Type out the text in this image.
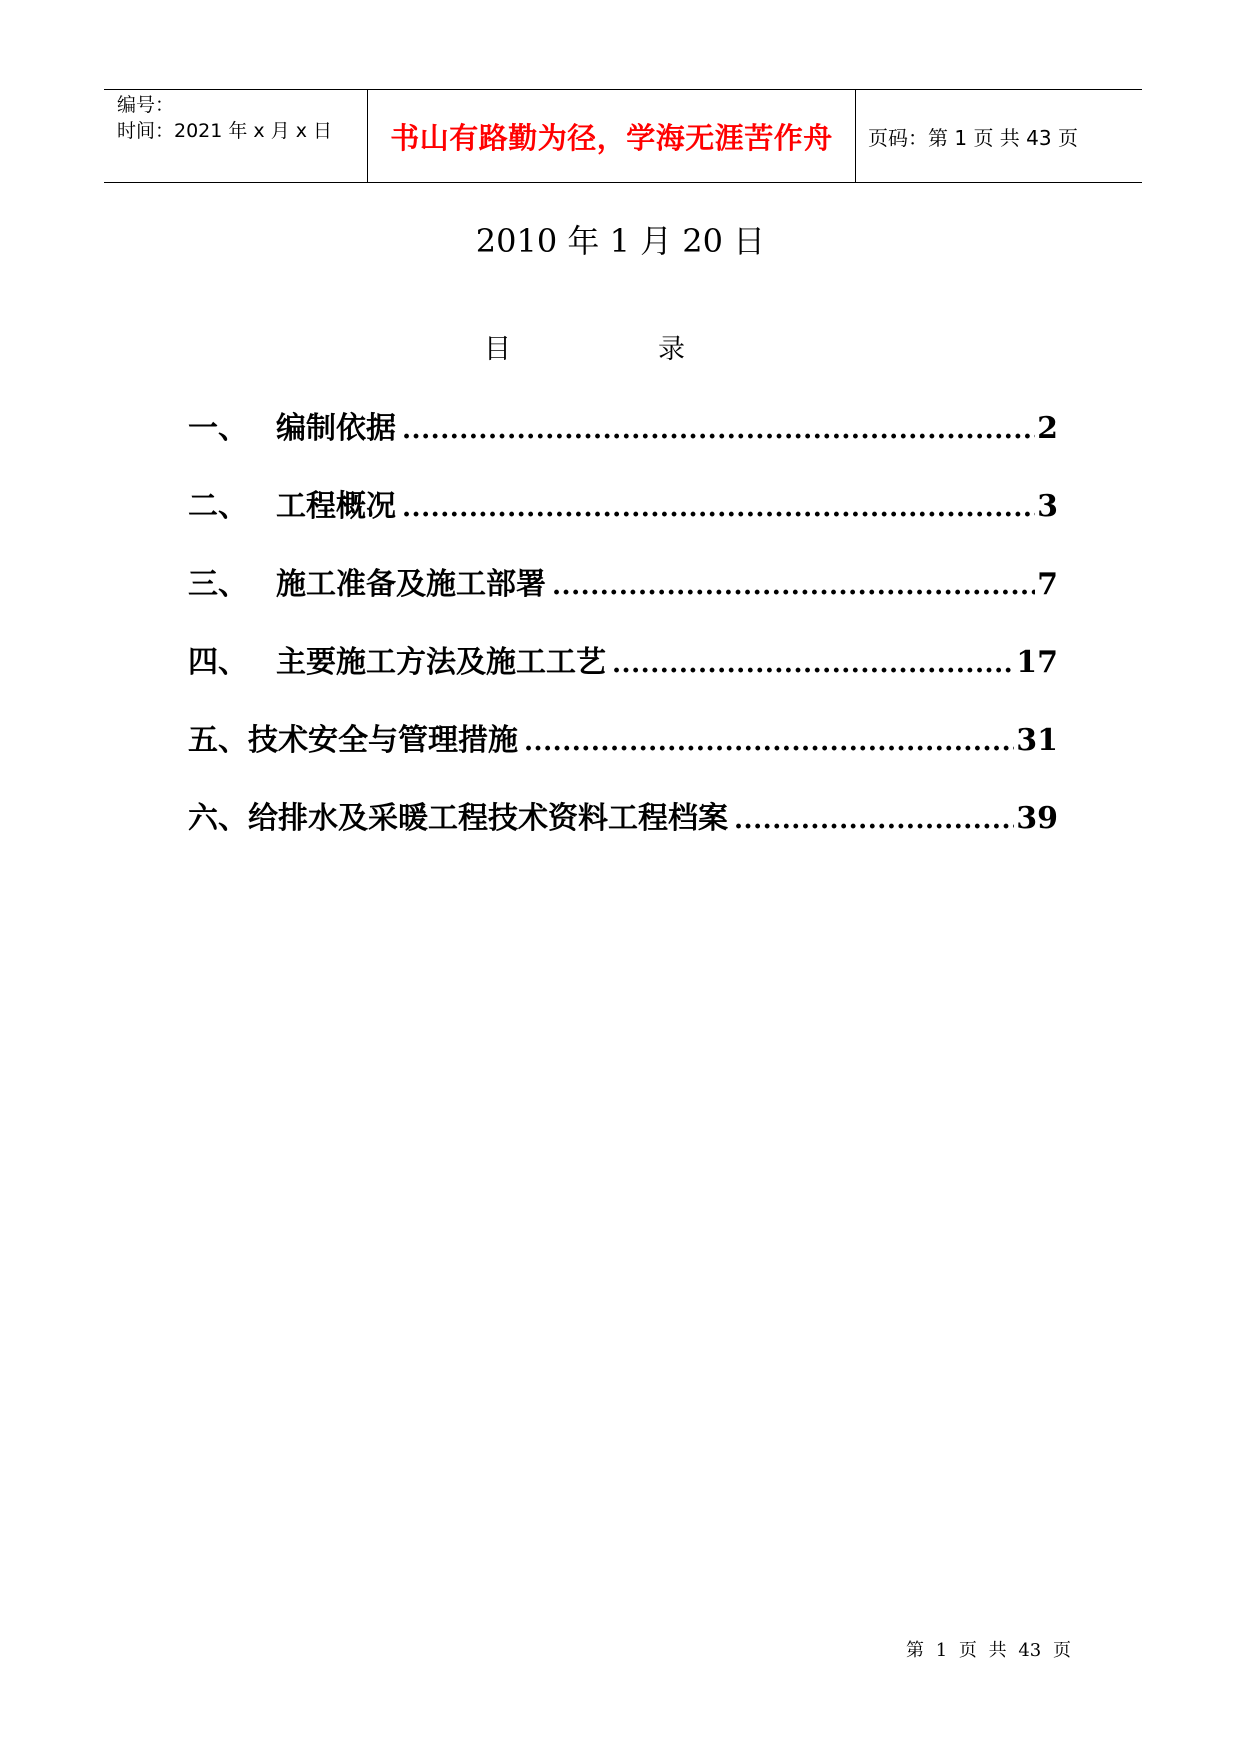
编号：
时间：2021 年 x 月 x 日 书山有路勤为径，学海无涯苦作舟 页码：第 1 页 共 43 页
2010 年 1 月 20 日
目	录
一、 编制依据 .....	2
二、 工程概况 .....	3
三、 施工准备及施工部署 .....	7
四、 主要施工方法及施工工艺 .....	17
五、 技术安全与管理措施 .....	31
六、 给排水及采暖工程技术资料工程档案 .....	39
第 1 页 共 43 页
